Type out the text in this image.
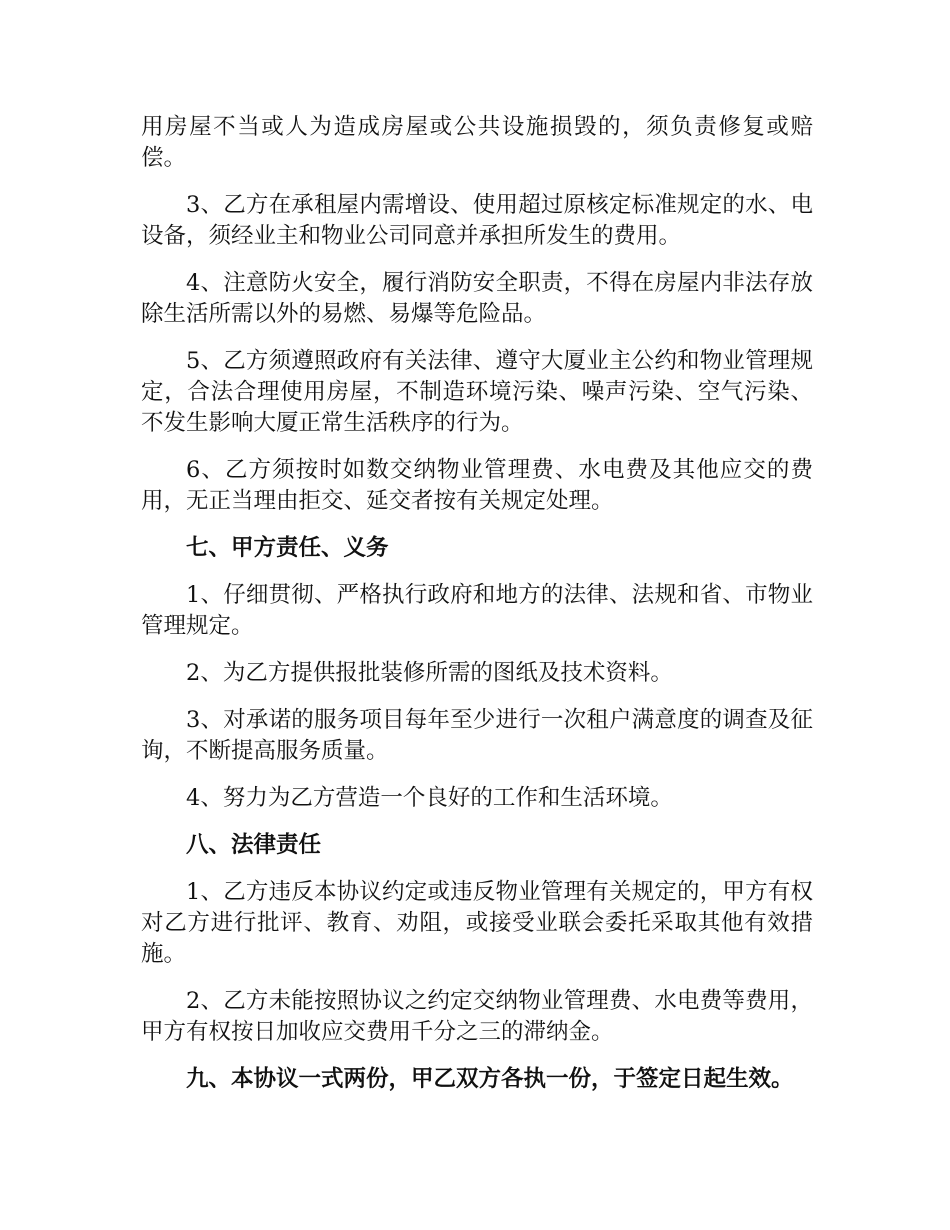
用房屋不当或人为造成房屋或公共设施损毁的，须负责修复或赔偿。

3、乙方在承租屋内需增设、使用超过原核定标准规定的水、电设备，须经业主和物业公司同意并承担所发生的费用。

4、注意防火安全，履行消防安全职责，不得在房屋内非法存放除生活所需以外的易燃、易爆等危险品。

5、乙方须遵照政府有关法律、遵守大厦业主公约和物业管理规定，合法合理使用房屋，不制造环境污染、噪声污染、空气污染、不发生影响大厦正常生活秩序的行为。

6、乙方须按时如数交纳物业管理费、水电费及其他应交的费用，无正当理由拒交、延交者按有关规定处理。

七、甲方责任、义务

1、仔细贯彻、严格执行政府和地方的法律、法规和省、市物业管理规定。

2、为乙方提供报批装修所需的图纸及技术资料。

3、对承诺的服务项目每年至少进行一次租户满意度的调查及征询，不断提高服务质量。

4、努力为乙方营造一个良好的工作和生活环境。

八、法律责任

1、乙方违反本协议约定或违反物业管理有关规定的，甲方有权对乙方进行批评、教育、劝阻，或接受业联会委托采取其他有效措施。

2、乙方未能按照协议之约定交纳物业管理费、水电费等费用，甲方有权按日加收应交费用千分之三的滞纳金。

九、本协议一式两份，甲乙双方各执一份，于签定日起生效。
